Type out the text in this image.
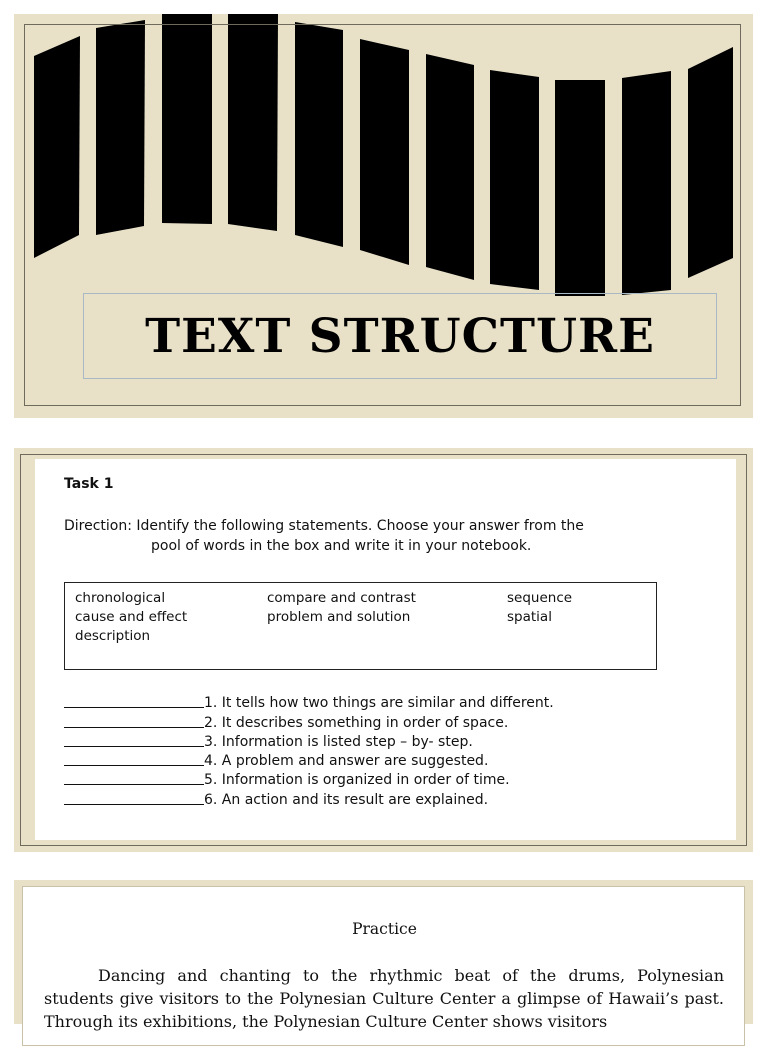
TEXT STRUCTURE
Task 1
Direction: Identify the following statements. Choose your answer from the
pool of words in the box and write it in your notebook.
chronological	compare and contrast	sequence
cause and effect	problem and solution	spatial
description
1. It tells how two things are similar and different.
2. It describes something in order of space.
3. Information is listed step – by- step.
4. A problem and answer are suggested.
5. Information is organized in order of time.
6. An action and its result are explained.
Practice
Dancing and chanting to the rhythmic beat of the drums, Polynesian students give visitors to the Polynesian Culture Center a glimpse of Hawaii’s past. Through its exhibitions, the Polynesian Culture Center shows visitors
